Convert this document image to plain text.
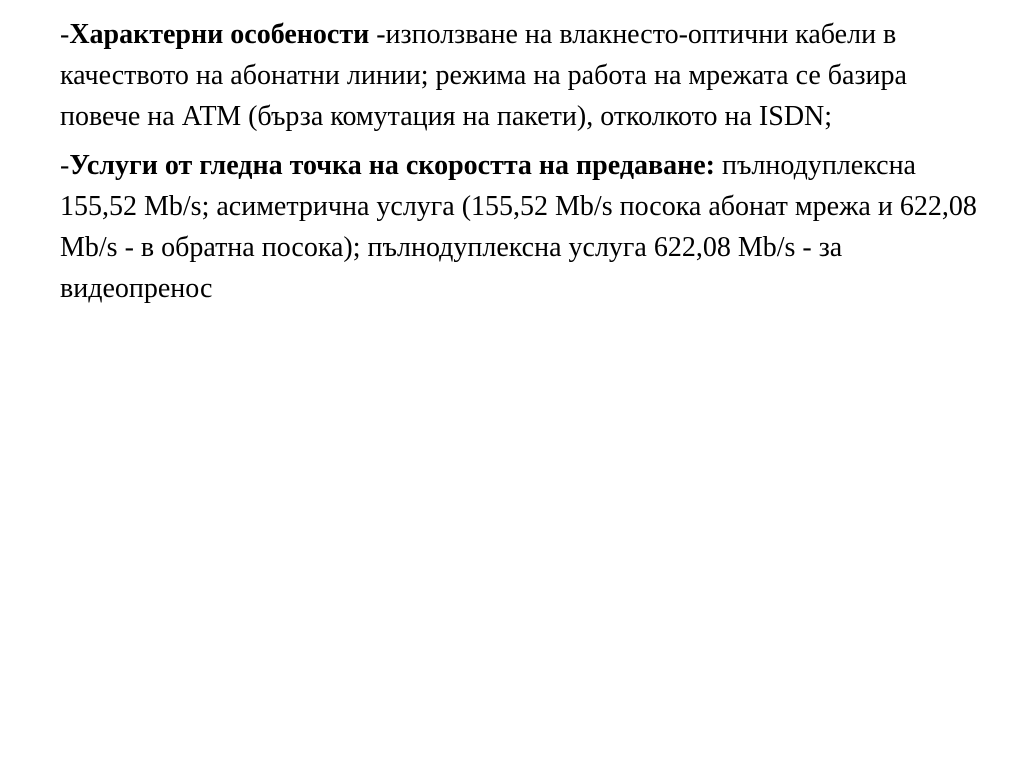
-Характерни особености -използване на влакнесто-оптични кабели в качеството на абонатни линии; режима на работа на мрежата се базира повече на АТМ (бърза комутация на пакети), отколкото на ISDN;

-Услуги от гледна точка на скоростта на предаване: пълнодуплексна 155,52 Mb/s; асиметрична услуга (155,52 Mb/s посока абонат мрежа и 622,08 Mb/s - в обратна посока); пълнодуплексна услуга 622,08 Mb/s - за видеопренос
